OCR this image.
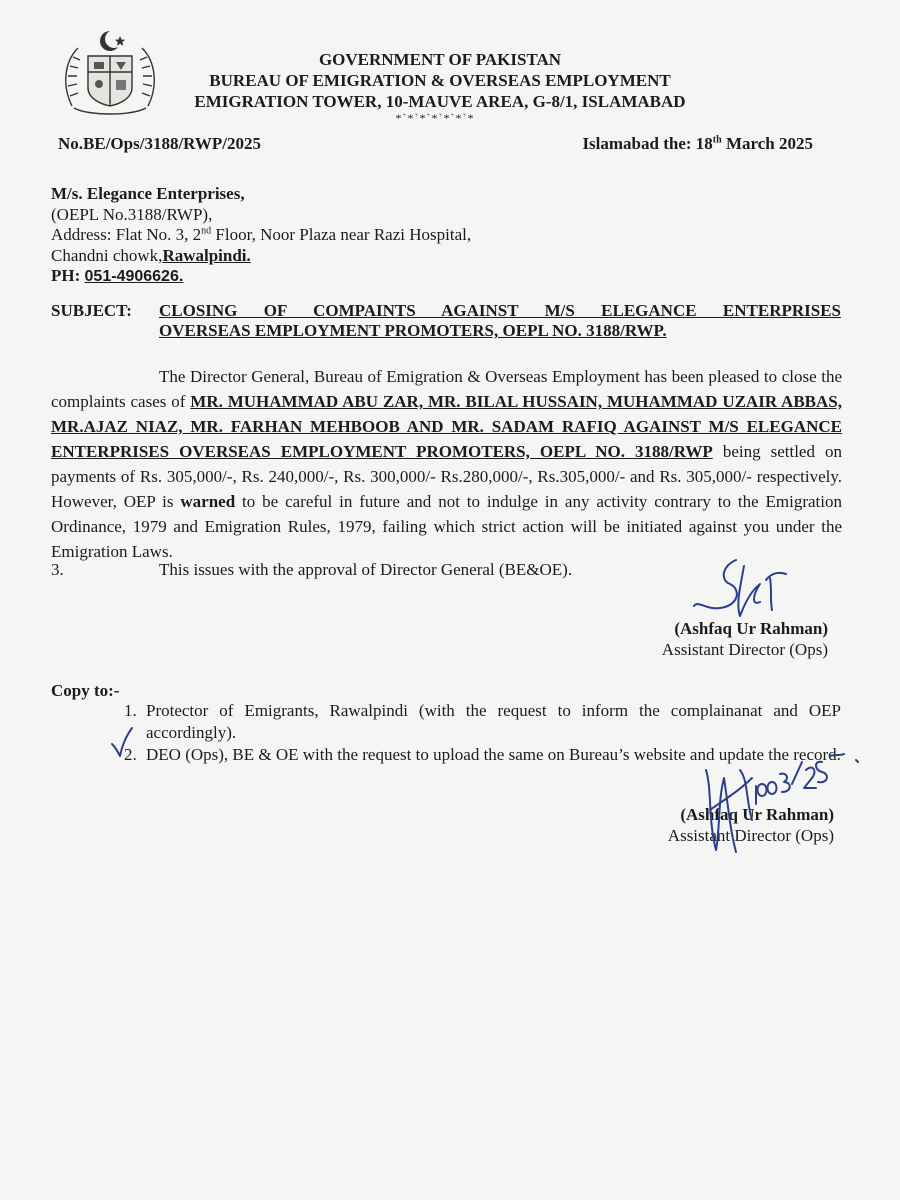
GOVERNMENT OF PAKISTAN
BUREAU OF EMIGRATION & OVERSEAS EMPLOYMENT
EMIGRATION TOWER, 10-MAUVE AREA, G-8/1, ISLAMABAD
*`*`*`*`*`*`*
No.BE/Ops/3188/RWP/2025	Islamabad the: 18th March 2025
M/s. Elegance Enterprises,
(OEPL No.3188/RWP),
Address: Flat No. 3, 2nd Floor, Noor Plaza near Razi Hospital,
Chandni chowk,Rawalpindi.
PH: 051-4906626.
SUBJECT: CLOSING OF COMPAINTS AGAINST M/S ELEGANCE ENTERPRISES
OVERSEAS EMPLOYMENT PROMOTERS, OEPL NO. 3188/RWP.

The Director General, Bureau of Emigration & Overseas Employment has been pleased to close the complaints cases of MR. MUHAMMAD ABU ZAR, MR. BILAL HUSSAIN, MUHAMMAD UZAIR ABBAS, MR.AJAZ NIAZ, MR. FARHAN MEHBOOB AND MR. SADAM RAFIQ AGAINST M/S ELEGANCE ENTERPRISES OVERSEAS EMPLOYMENT PROMOTERS, OEPL NO. 3188/RWP being settled on payments of Rs. 305,000/-, Rs. 240,000/-, Rs. 300,000/- Rs.280,000/-, Rs.305,000/- and Rs. 305,000/- respectively. However, OEP is warned to be careful in future and not to indulge in any activity contrary to the Emigration Ordinance, 1979 and Emigration Rules, 1979, failing which strict action will be initiated against you under the Emigration Laws.

3.	This issues with the approval of Director General (BE&OE).
(Ashfaq Ur Rahman)
Assistant Director (Ops)
Copy to:-
1. Protector of Emigrants, Rawalpindi (with the request to inform the complainanat and OEP accordingly).
2. DEO (Ops), BE & OE with the request to upload the same on Bureau’s website and update the record.
(Ashfaq Ur Rahman)
Assistant Director (Ops)
